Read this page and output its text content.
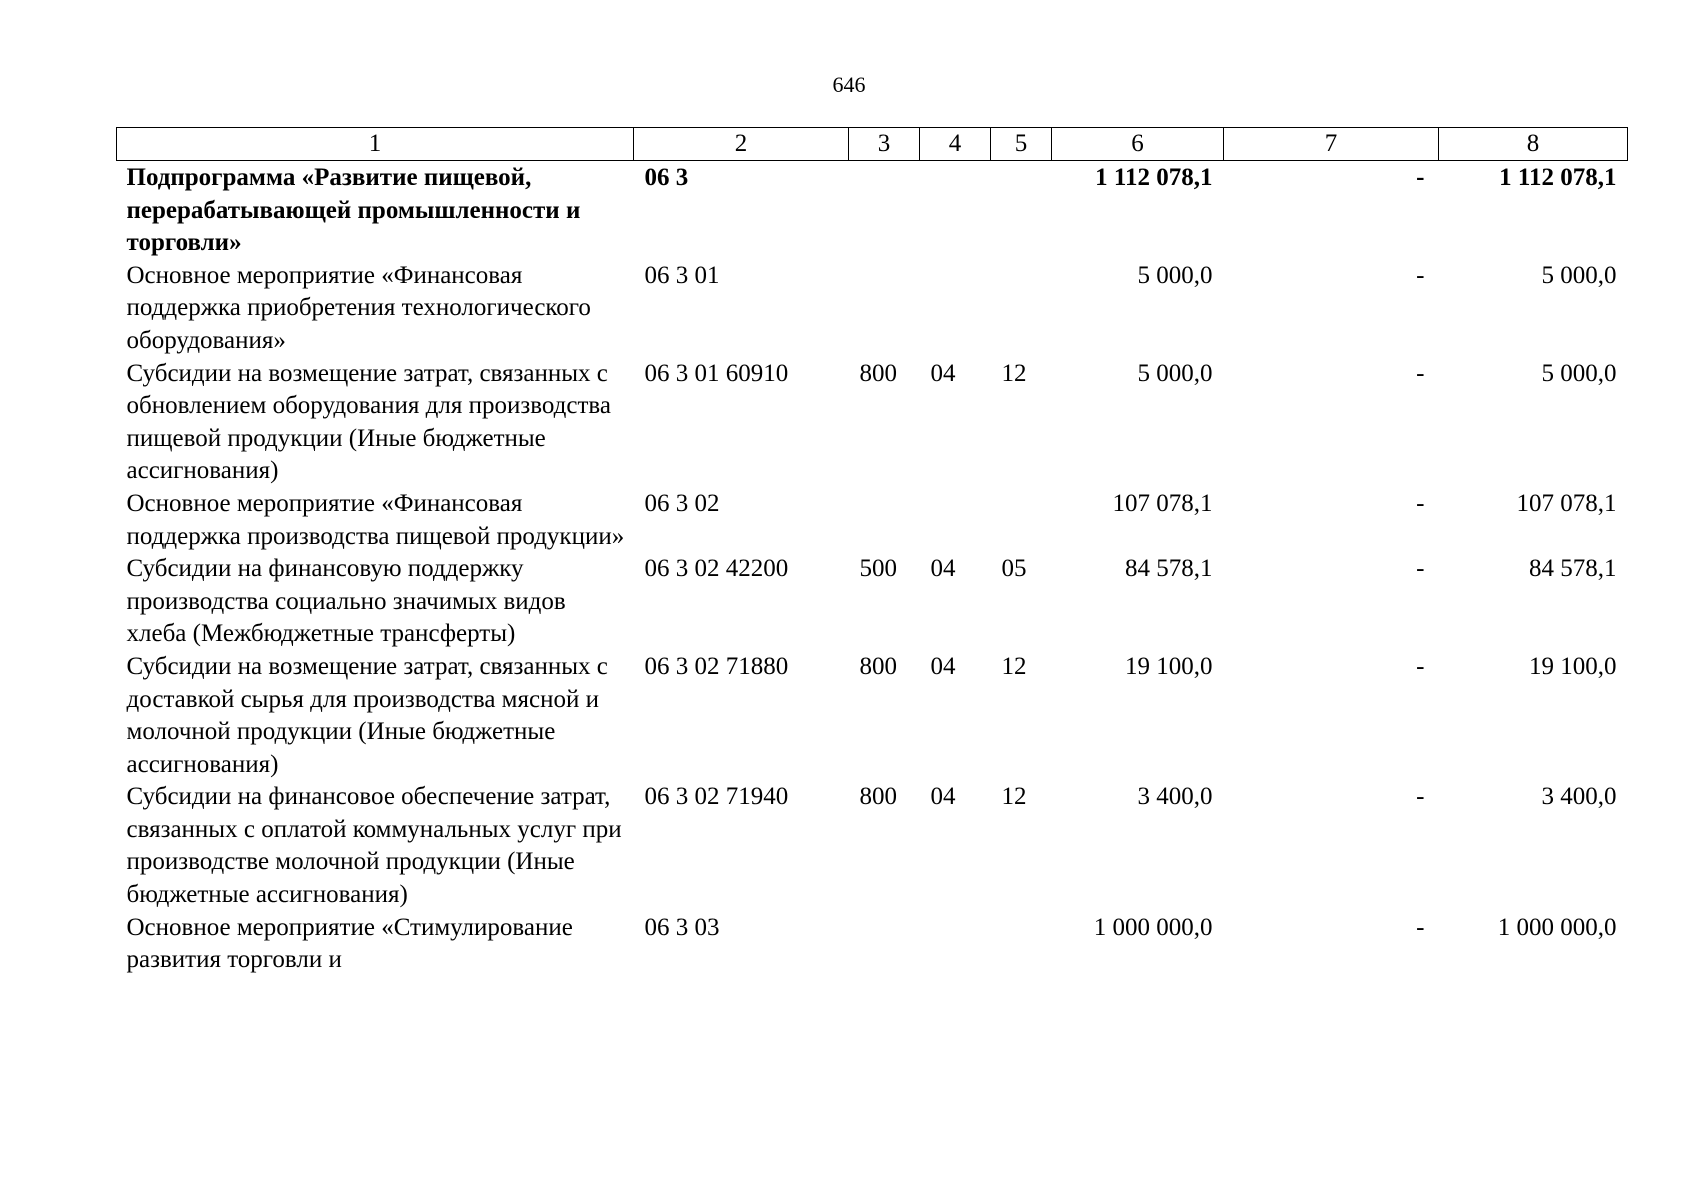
646
1	2	3	4	5	6	7	8
Подпрограмма «Развитие пищевой, перерабатывающей промышленности и торговли»	06 3				1 112 078,1	-	1 112 078,1
Основное мероприятие «Финансовая поддержка приобретения технологического оборудования»	06 3 01				5 000,0	-	5 000,0
Субсидии на возмещение затрат, связанных с обновлением оборудования для производства пищевой продукции (Иные бюджетные ассигнования)	06 3 01 60910	800	04	12	5 000,0	-	5 000,0
Основное мероприятие «Финансовая поддержка производства пищевой продукции»	06 3 02				107 078,1	-	107 078,1
Субсидии на финансовую поддержку производства социально значимых видов хлеба (Межбюджетные трансферты)	06 3 02 42200	500	04	05	84 578,1	-	84 578,1
Субсидии на возмещение затрат, связанных с доставкой сырья для производства мясной и молочной продукции (Иные бюджетные ассигнования)	06 3 02 71880	800	04	12	19 100,0	-	19 100,0
Субсидии на финансовое обеспечение затрат, связанных с оплатой коммунальных услуг при производстве молочной продукции (Иные бюджетные ассигнования)	06 3 02 71940	800	04	12	3 400,0	-	3 400,0
Основное мероприятие «Стимулирование развития торговли и	06 3 03				1 000 000,0	-	1 000 000,0
